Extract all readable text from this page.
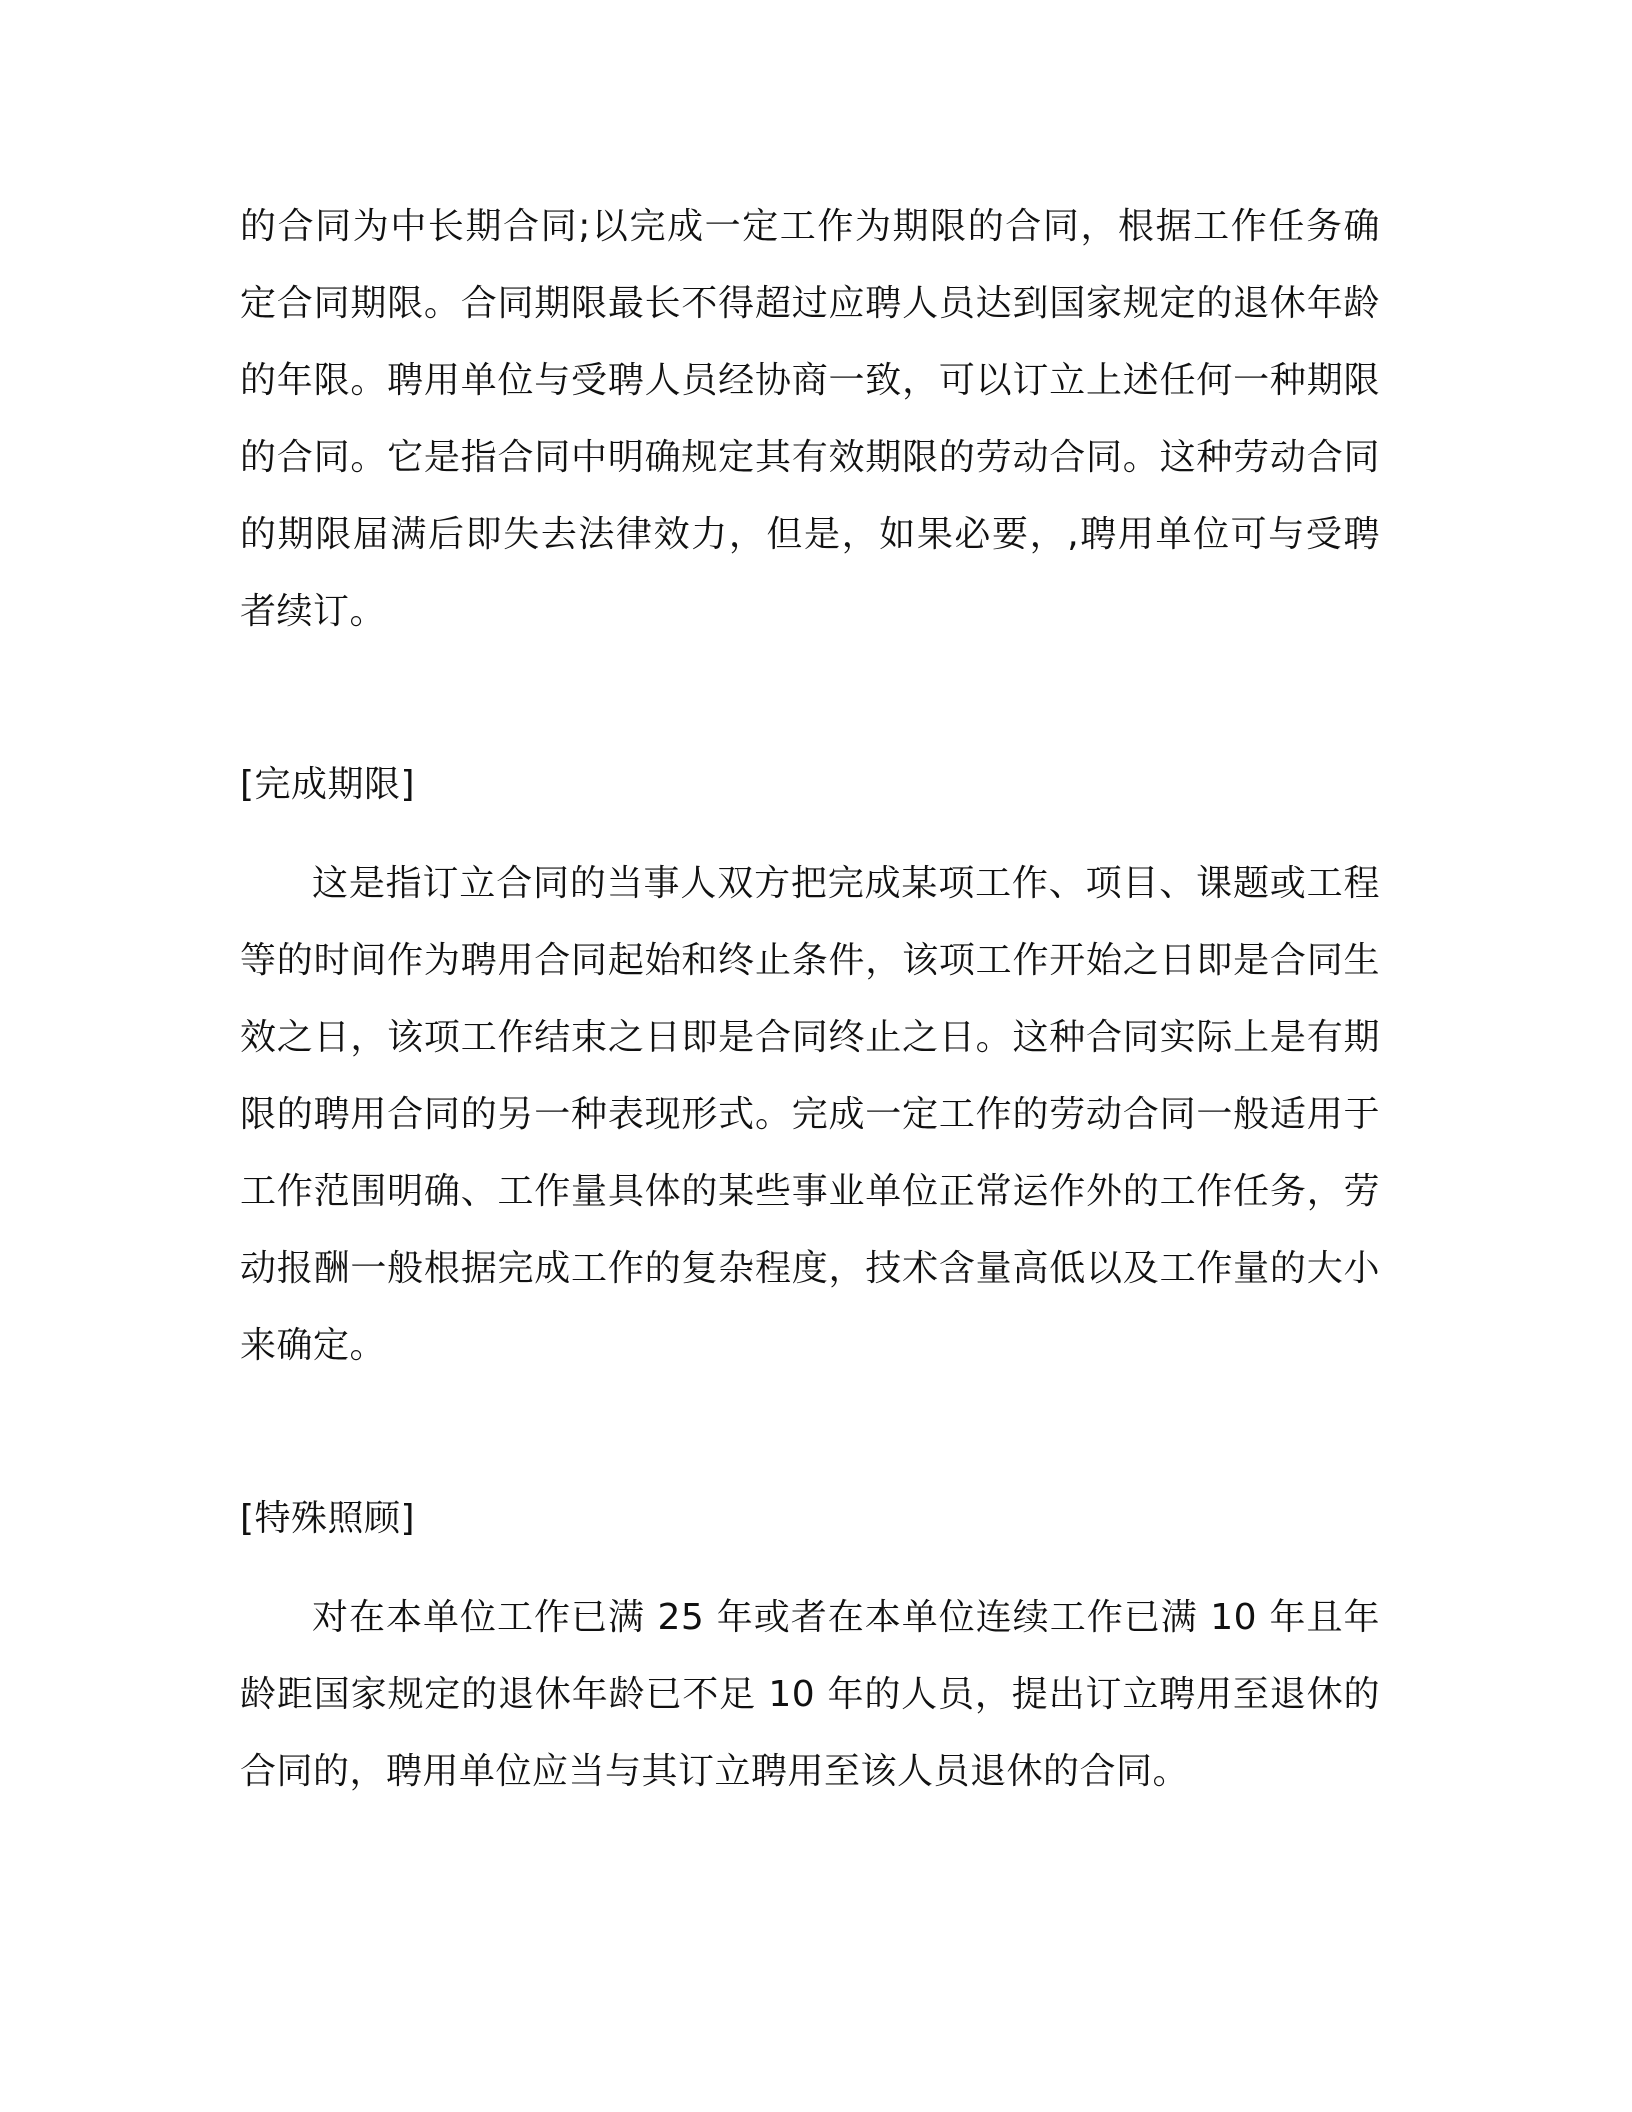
的合同为中长期合同;以完成一定工作为期限的合同，根据工作任务确定合同期限。合同期限最长不得超过应聘人员达到国家规定的退休年龄的年限。聘用单位与受聘人员经协商一致，可以订立上述任何一种期限的合同。它是指合同中明确规定其有效期限的劳动合同。这种劳动合同的期限届满后即失去法律效力，但是，如果必要，,聘用单位可与受聘者续订。

[完成期限]

这是指订立合同的当事人双方把完成某项工作、项目、课题或工程等的时间作为聘用合同起始和终止条件，该项工作开始之日即是合同生效之日，该项工作结束之日即是合同终止之日。这种合同实际上是有期限的聘用合同的另一种表现形式。完成一定工作的劳动合同一般适用于工作范围明确、工作量具体的某些事业单位正常运作外的工作任务，劳动报酬一般根据完成工作的复杂程度，技术含量高低以及工作量的大小来确定。

[特殊照顾]

对在本单位工作已满 25 年或者在本单位连续工作已满 10 年且年龄距国家规定的退休年龄已不足 10 年的人员，提出订立聘用至退休的合同的，聘用单位应当与其订立聘用至该人员退休的合同。
